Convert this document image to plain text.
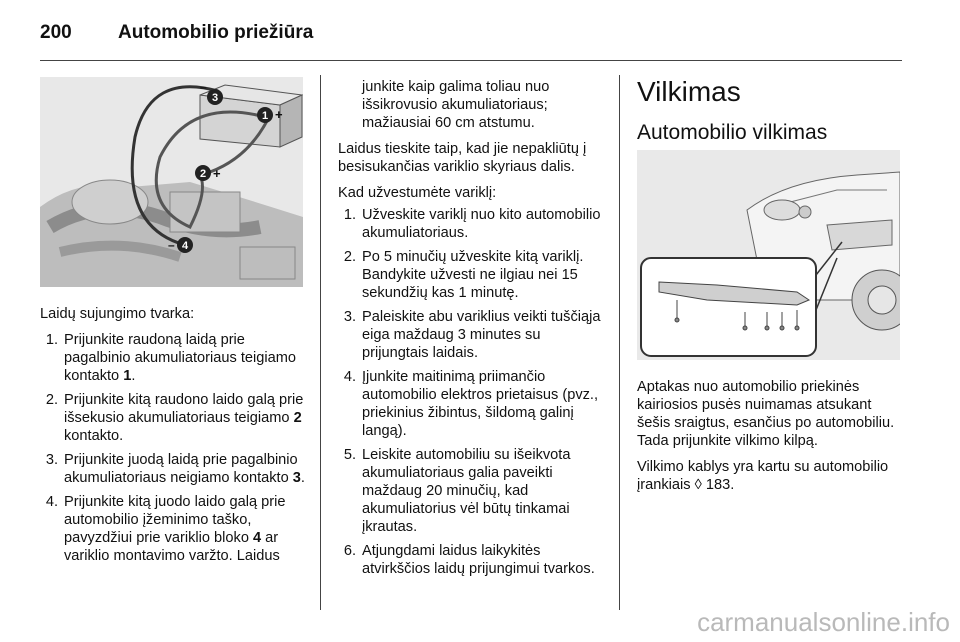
200 Automobilio priežiūra
–
3
1 +
2 +
– 4

Laidų sujungimo tvarka:

1. Prijunkite raudoną laidą prie pagalbinio akumuliatoriaus teigiamo kontakto 1.
2. Prijunkite kitą raudono laido galą prie išsekusio akumuliatoriaus teigiamo 2 kontakto.
3. Prijunkite juodą laidą prie pagalbinio akumuliatoriaus neigiamo kontakto 3.
4. Prijunkite kitą juodo laido galą prie automobilio įžeminimo taško, pavyzdžiui prie variklio bloko 4 ar variklio montavimo varžto. Laidus

junkite kaip galima toliau nuo išsikrovusio akumuliatoriaus; mažiausiai 60 cm atstumu.

Laidus tieskite taip, kad jie nepakliūtų į besisukančias variklio skyriaus dalis.

Kad užvestumėte variklį:

1. Užveskite variklį nuo kito automobilio akumuliatoriaus.
2. Po 5 minučių užveskite kitą variklį. Bandykite užvesti ne ilgiau nei 15 sekundžių kas 1 minutę.
3. Paleiskite abu variklius veikti tuščiąja eiga maždaug 3 minutes su prijungtais laidais.
4. Įjunkite maitinimą priimančio automobilio elektros prietaisus (pvz., priekinius žibintus, šildomą galinį langą).
5. Leiskite automobiliu su išeikvota akumuliatoriaus galia paveikti maždaug 20 minučių, kad akumuliatorius vėl būtų tinkamai įkrautas.
6. Atjungdami laidus laikykitės atvirkščios laidų prijungimui tvarkos.
Vilkimas
Automobilio vilkimas

Aptakas nuo automobilio priekinės kairiosios pusės nuimamas atsukant šešis sraigtus, esančius po automobiliu. Tada prijunkite vilkimo kilpą.

Vilkimo kablys yra kartu su automobilio įrankiais ◊ 183.

carmanualsonline.info
